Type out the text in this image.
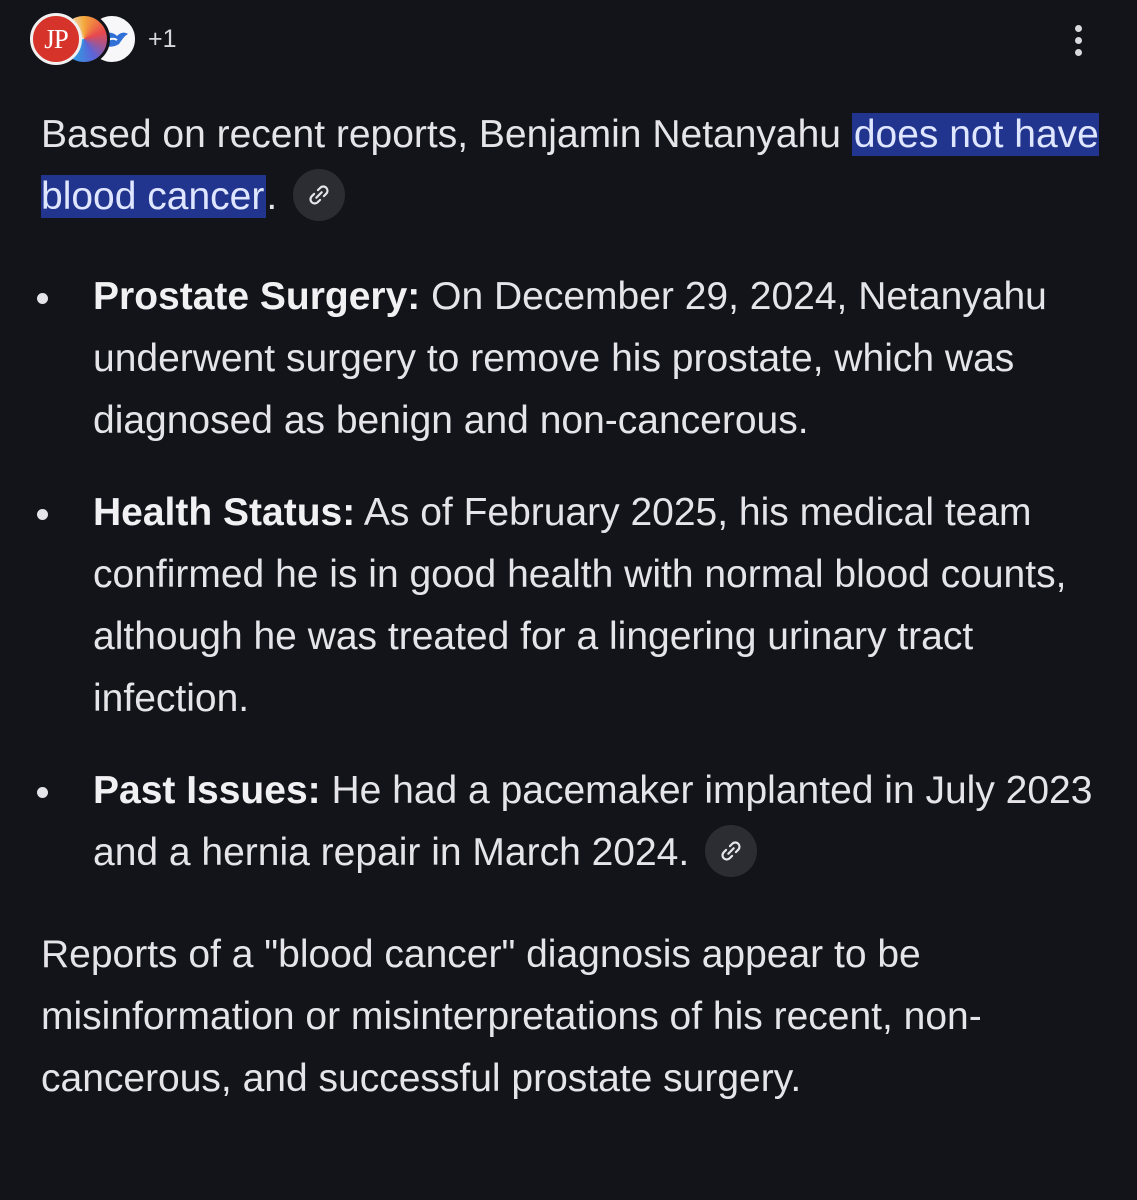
JP	+1

Based on recent reports, Benjamin Netanyahu does not have blood cancer.

Prostate Surgery: On December 29, 2024, Netanyahu underwent surgery to remove his prostate, which was diagnosed as benign and non-cancerous.
Health Status: As of February 2025, his medical team confirmed he is in good health with normal blood counts, although he was treated for a lingering urinary tract infection.
Past Issues: He had a pacemaker implanted in July 2023 and a hernia repair in March 2024.

Reports of a "blood cancer" diagnosis appear to be misinformation or misinterpretations of his recent, non-cancerous, and successful prostate surgery.
